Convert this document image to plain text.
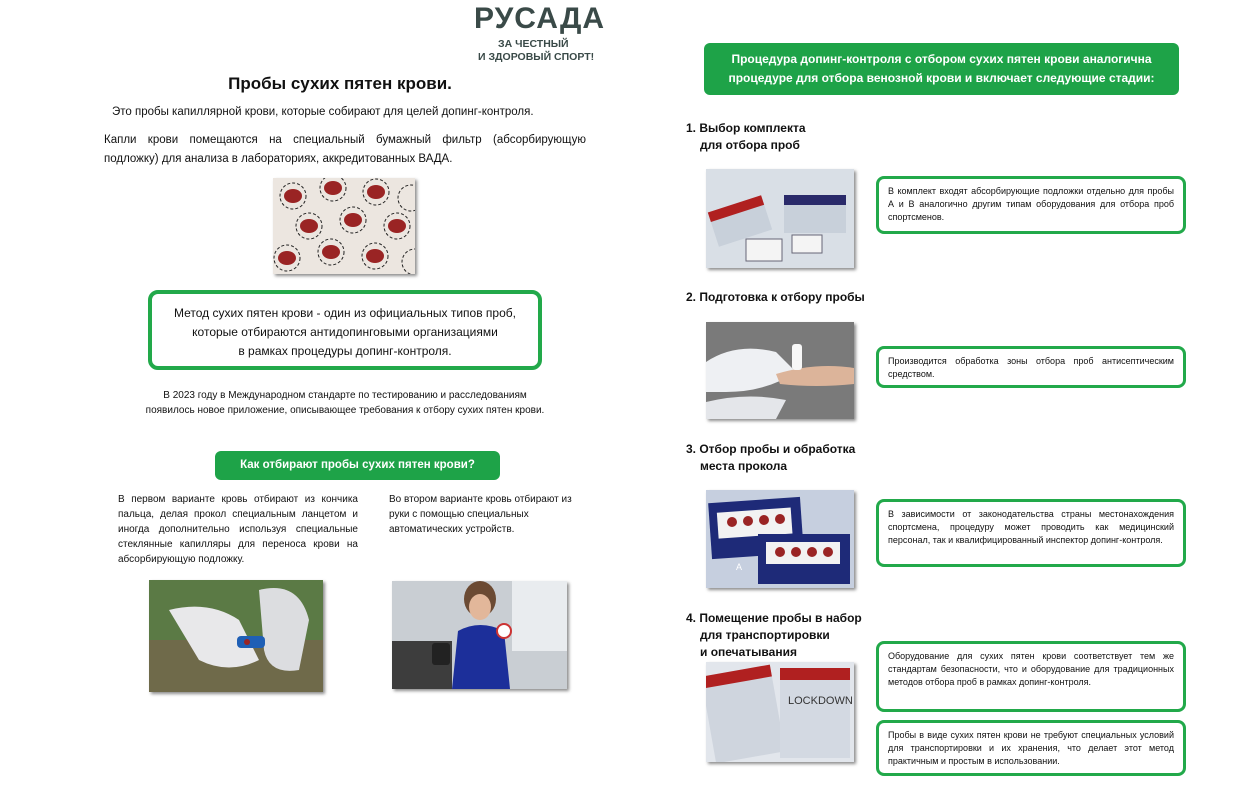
РУСАДА
ЗА ЧЕСТНЫЙ
И ЗДОРОВЫЙ СПОРТ!
Пробы сухих пятен крови.
Это пробы капиллярной крови, которые собирают для целей допинг-контроля.
Капли крови помещаются на специальный бумажный фильтр (абсорбирующую подложку) для анализа в лабораториях, аккредитованных ВАДА.
Метод сухих пятен крови - один из официальных типов проб,
которые отбираются антидопинговыми организациями
в рамках процедуры допинг-контроля.
В 2023 году в Международном стандарте по тестированию и расследованиям
появилось новое приложение, описывающее требования к отбору сухих пятен крови.
Как отбирают пробы сухих пятен крови?
В первом варианте кровь отбирают из кончика пальца, делая прокол специальным ланцетом и иногда дополнительно используя специальные стеклянные капилляры для переноса крови на абсорбирующую подложку.
Во втором варианте кровь отбирают из руки с помощью специальных автоматических устройств.
Процедура допинг-контроля с отбором сухих пятен крови аналогична
процедуре для отбора венозной крови и включает следующие стадии:
1. Выбор комплекта
для отбора проб
В комплект входят абсорбирующие подложки отдельно для пробы А и В аналогично другим типам оборудования для отбора проб спортсменов.
2. Подготовка к отбору пробы
Производится обработка зоны отбора проб антисептическим средством.
3. Отбор пробы и обработка
места прокола
A
В зависимости от законодательства страны местонахождения спортсмена, процедуру может проводить как медицинский персонал, так и квалифицированный инспектор допинг-контроля.
4. Помещение пробы в набор
для транспортировки
и опечатывания
LOCKDOWN
Оборудование для сухих пятен крови соответствует тем же стандартам безопасности, что и оборудование для традиционных методов отбора проб в рамках допинг-контроля.
Пробы в виде сухих пятен крови не требуют специальных условий для транспортировки и их хранения, что делает этот метод практичным и простым в использовании.
